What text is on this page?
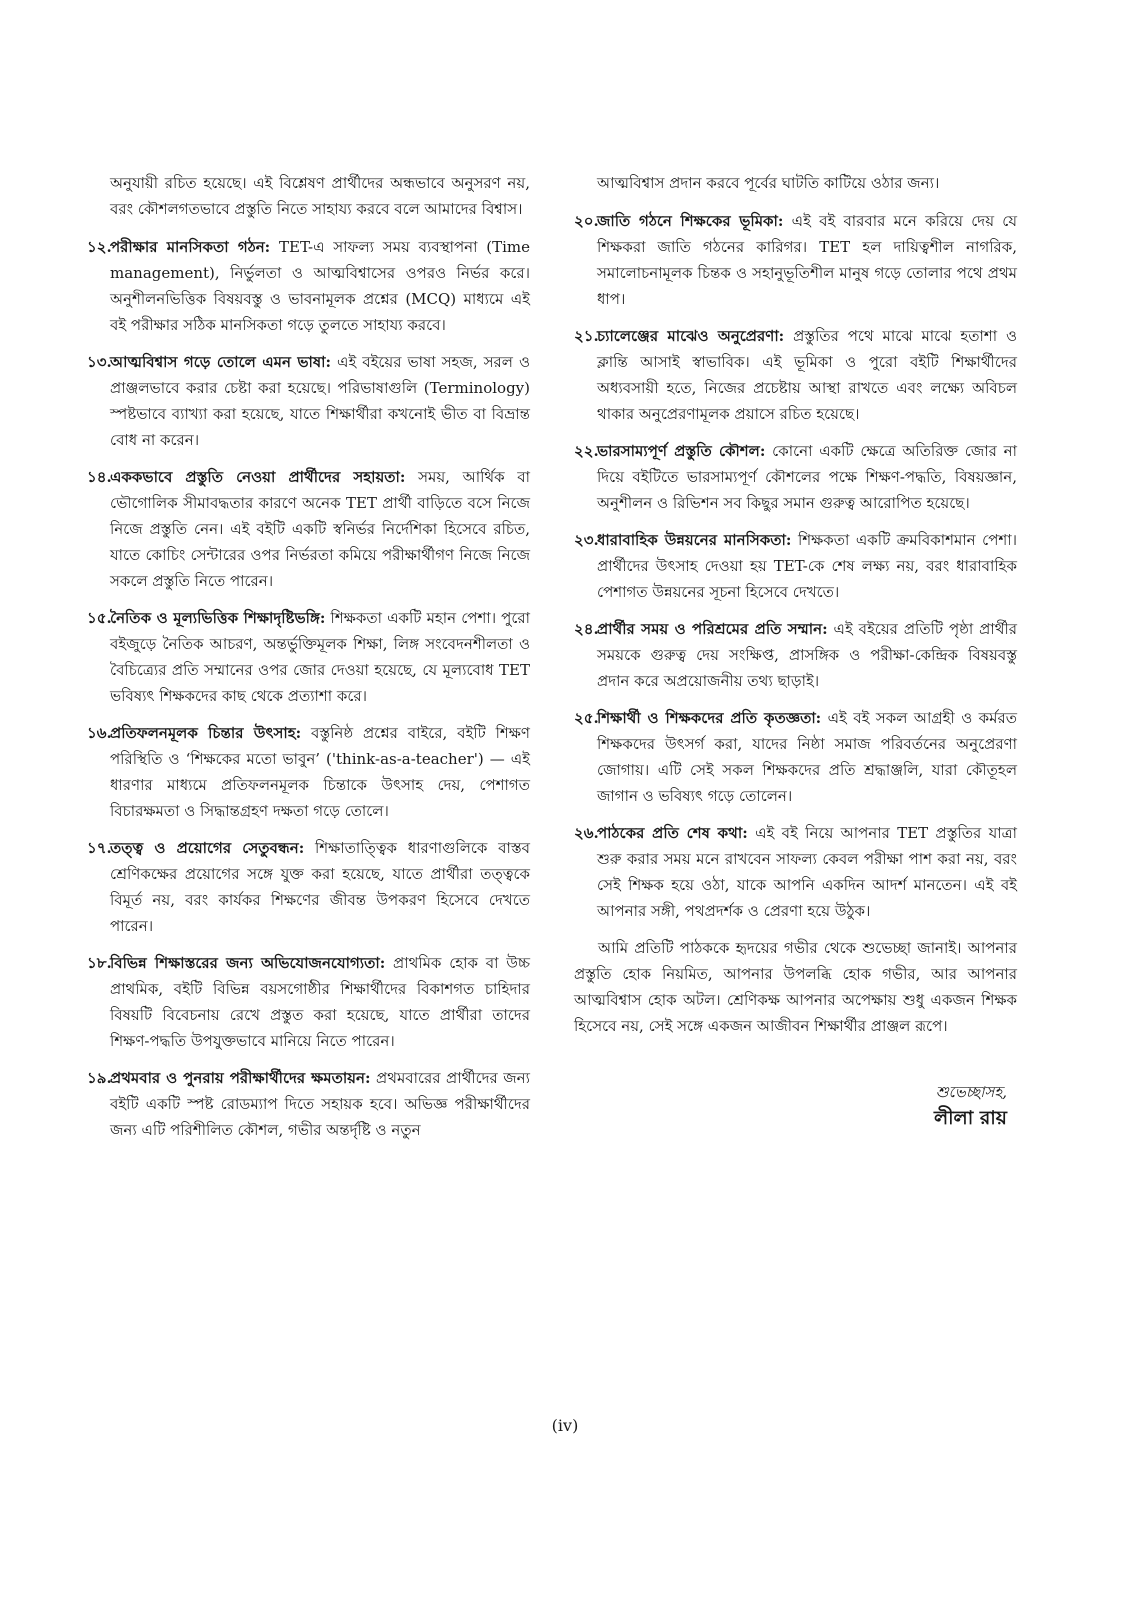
অনুযায়ী রচিত হয়েছে। এই বিশ্লেষণ প্রার্থীদের অন্ধভাবে অনুসরণ নয়, বরং কৌশলগতভাবে প্রস্তুতি নিতে সাহায্য করবে বলে আমাদের বিশ্বাস।

১২.
পরীক্ষার মানসিকতা গঠন: TET-এ সাফল্য সময় ব্যবস্থাপনা (Time management), নির্ভুলতা ও আত্মবিশ্বাসের ওপরও নির্ভর করে। অনুশীলনভিত্তিক বিষয়বস্তু ও ভাবনামূলক প্রশ্নের (MCQ) মাধ্যমে এই বই পরীক্ষার সঠিক মানসিকতা গড়ে তুলতে সাহায্য করবে।
১৩.
আত্মবিশ্বাস গড়ে তোলে এমন ভাষা: এই বইয়ের ভাষা সহজ, সরল ও প্রাঞ্জলভাবে করার চেষ্টা করা হয়েছে। পরিভাষাগুলি (Terminology) স্পষ্টভাবে ব্যাখ্যা করা হয়েছে, যাতে শিক্ষার্থীরা কখনোই ভীত বা বিভ্রান্ত বোধ না করেন।
১৪.
এককভাবে প্রস্তুতি নেওয়া প্রার্থীদের সহায়তা: সময়, আর্থিক বা ভৌগোলিক সীমাবদ্ধতার কারণে অনেক TET প্রার্থী বাড়িতে বসে নিজে নিজে প্রস্তুতি নেন। এই বইটি একটি স্বনির্ভর নির্দেশিকা হিসেবে রচিত, যাতে কোচিং সেন্টারের ওপর নির্ভরতা কমিয়ে পরীক্ষার্থীগণ নিজে নিজে সকলে প্রস্তুতি নিতে পারেন।
১৫.
নৈতিক ও মূল্যভিত্তিক শিক্ষাদৃষ্টিভঙ্গি: শিক্ষকতা একটি মহান পেশা। পুরো বইজুড়ে নৈতিক আচরণ, অন্তর্ভুক্তিমূলক শিক্ষা, লিঙ্গ সংবেদনশীলতা ও বৈচিত্র্যের প্রতি সম্মানের ওপর জোর দেওয়া হয়েছে, যে মূল্যবোধ TET ভবিষ্যৎ শিক্ষকদের কাছ থেকে প্রত্যাশা করে।
১৬.
প্রতিফলনমূলক চিন্তার উৎসাহ: বস্তুনিষ্ঠ প্রশ্নের বাইরে, বইটি শিক্ষণ পরিস্থিতি ও ‘শিক্ষকের মতো ভাবুন’ ('think-as-a-teacher') — এই ধারণার মাধ্যমে প্রতিফলনমূলক চিন্তাকে উৎসাহ দেয়, পেশাগত বিচারক্ষমতা ও সিদ্ধান্তগ্রহণ দক্ষতা গড়ে তোলে।
১৭.
তত্ত্ব ও প্রয়োগের সেতুবন্ধন: শিক্ষাতাত্ত্বিক ধারণাগুলিকে বাস্তব শ্রেণিকক্ষের প্রয়োগের সঙ্গে যুক্ত করা হয়েছে, যাতে প্রার্থীরা তত্ত্বকে বিমূর্ত নয়, বরং কার্যকর শিক্ষণের জীবন্ত উপকরণ হিসেবে দেখতে পারেন।
১৮.
বিভিন্ন শিক্ষাস্তরের জন্য অভিযোজনযোগ্যতা: প্রাথমিক হোক বা উচ্চ প্রাথমিক, বইটি বিভিন্ন বয়সগোষ্ঠীর শিক্ষার্থীদের বিকাশগত চাহিদার বিষয়টি বিবেচনায় রেখে প্রস্তুত করা হয়েছে, যাতে প্রার্থীরা তাদের শিক্ষণ-পদ্ধতি উপযুক্তভাবে মানিয়ে নিতে পারেন।
১৯.
প্রথমবার ও পুনরায় পরীক্ষার্থীদের ক্ষমতায়ন: প্রথমবারের প্রার্থীদের জন্য বইটি একটি স্পষ্ট রোডম্যাপ দিতে সহায়ক হবে। অভিজ্ঞ পরীক্ষার্থীদের জন্য এটি পরিশীলিত কৌশল, গভীর অন্তর্দৃষ্টি ও নতুন

আত্মবিশ্বাস প্রদান করবে পূর্বের ঘাটতি কাটিয়ে ওঠার জন্য।

২০.
জাতি গঠনে শিক্ষকের ভূমিকা: এই বই বারবার মনে করিয়ে দেয় যে শিক্ষকরা জাতি গঠনের কারিগর। TET হল দায়িত্বশীল নাগরিক, সমালোচনামূলক চিন্তক ও সহানুভূতিশীল মানুষ গড়ে তোলার পথে প্রথম ধাপ।
২১.
চ্যালেঞ্জের মাঝেও অনুপ্রেরণা: প্রস্তুতির পথে মাঝে মাঝে হতাশা ও ক্লান্তি আসাই স্বাভাবিক। এই ভূমিকা ও পুরো বইটি শিক্ষার্থীদের অধ্যবসায়ী হতে, নিজের প্রচেষ্টায় আস্থা রাখতে এবং লক্ষ্যে অবিচল থাকার অনুপ্রেরণামূলক প্রয়াসে রচিত হয়েছে।
২২.
ভারসাম্যপূর্ণ প্রস্তুতি কৌশল: কোনো একটি ক্ষেত্রে অতিরিক্ত জোর না দিয়ে বইটিতে ভারসাম্যপূর্ণ কৌশলের পক্ষে শিক্ষণ-পদ্ধতি, বিষয়জ্ঞান, অনুশীলন ও রিভিশন সব কিছুর সমান গুরুত্ব আরোপিত হয়েছে।
২৩.
ধারাবাহিক উন্নয়নের মানসিকতা: শিক্ষকতা একটি ক্রমবিকাশমান পেশা। প্রার্থীদের উৎসাহ দেওয়া হয় TET-কে শেষ লক্ষ্য নয়, বরং ধারাবাহিক পেশাগত উন্নয়নের সূচনা হিসেবে দেখতে।
২৪.
প্রার্থীর সময় ও পরিশ্রমের প্রতি সম্মান: এই বইয়ের প্রতিটি পৃষ্ঠা প্রার্থীর সময়কে গুরুত্ব দেয় সংক্ষিপ্ত, প্রাসঙ্গিক ও পরীক্ষা-কেন্দ্রিক বিষয়বস্তু প্রদান করে অপ্রয়োজনীয় তথ্য ছাড়াই।
২৫.
শিক্ষার্থী ও শিক্ষকদের প্রতি কৃতজ্ঞতা: এই বই সকল আগ্রহী ও কর্মরত শিক্ষকদের উৎসর্গ করা, যাদের নিষ্ঠা সমাজ পরিবর্তনের অনুপ্রেরণা জোগায়। এটি সেই সকল শিক্ষকদের প্রতি শ্রদ্ধাঞ্জলি, যারা কৌতূহল জাগান ও ভবিষ্যৎ গড়ে তোলেন।
২৬.
পাঠকের প্রতি শেষ কথা: এই বই নিয়ে আপনার TET প্রস্তুতির যাত্রা শুরু করার সময় মনে রাখবেন সাফল্য কেবল পরীক্ষা পাশ করা নয়, বরং সেই শিক্ষক হয়ে ওঠা, যাকে আপনি একদিন আদর্শ মানতেন। এই বই আপনার সঙ্গী, পথপ্রদর্শক ও প্রেরণা হয়ে উঠুক।

আমি প্রতিটি পাঠককে হৃদয়ের গভীর থেকে শুভেচ্ছা জানাই। আপনার প্রস্তুতি হোক নিয়মিত, আপনার উপলব্ধি হোক গভীর, আর আপনার আত্মবিশ্বাস হোক অটল। শ্রেণিকক্ষ আপনার অপেক্ষায় শুধু একজন শিক্ষক হিসেবে নয়, সেই সঙ্গে একজন আজীবন শিক্ষার্থীর প্রাঞ্জল রূপে।

শুভেচ্ছাসহ,
লীলা রায়
(iv)
